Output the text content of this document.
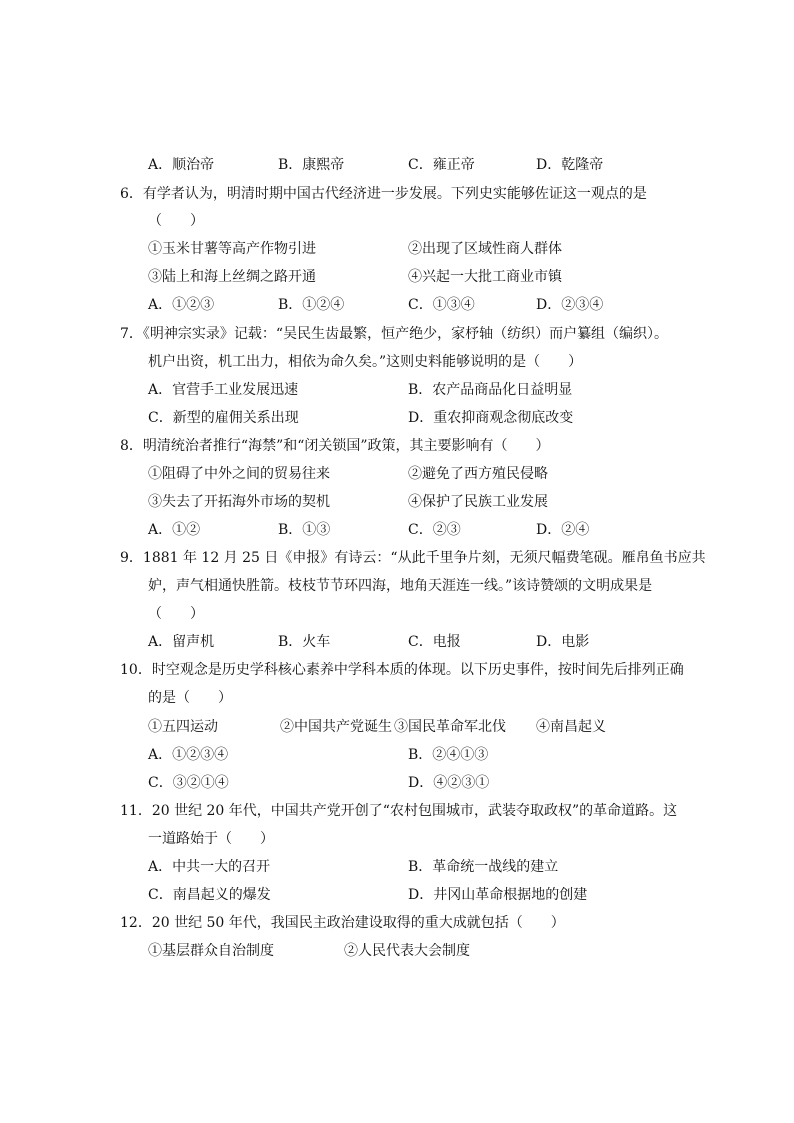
A．顺治帝	B．康熙帝	C．雍正帝	D．乾隆帝
6．有学者认为，明清时期中国古代经济进一步发展。下列史实能够佐证这一观点的是
（　　）
①玉米甘薯等高产作物引进	②出现了区域性商人群体
③陆上和海上丝绸之路开通	④兴起一大批工商业市镇
A．①②③	B．①②④	C．①③④	D．②③④
7．《明神宗实录》记载：“吴民生齿最繁，恒产绝少，家杼轴（纺织）而户纂组（编织）。
机户出资，机工出力，相依为命久矣。”这则史料能够说明的是（　　）
A．官营手工业发展迅速	B．农产品商品化日益明显
C．新型的雇佣关系出现	D．重农抑商观念彻底改变
8．明清统治者推行“海禁”和“闭关锁国”政策，其主要影响有（　　）
①阻碍了中外之间的贸易往来	②避免了西方殖民侵略
③失去了开拓海外市场的契机	④保护了民族工业发展
A．①②	B．①③	C．②③	D．②④
9．1881 年 12 月 25 日《申报》有诗云：“从此千里争片刻，无须尺幅费笔砚。雁帛鱼书应共
妒，声气相通快胜箭。枝枝节节环四海，地角天涯连一线。”该诗赞颂的文明成果是
（　　）
A．留声机	B．火车	C．电报	D．电影
10．时空观念是历史学科核心素养中学科本质的体现。以下历史事件，按时间先后排列正确
的是（　　）
①五四运动	②中国共产党诞生 ③国民革命军北伐 ④南昌起义
A．①②③④	B．②④①③
C．③②①④	D．④②③①
11．20 世纪 20 年代，中国共产党开创了“农村包围城市，武装夺取政权”的革命道路。这
一道路始于（　　）
A．中共一大的召开	B．革命统一战线的建立
C．南昌起义的爆发	D．井冈山革命根据地的创建
12．20 世纪 50 年代，我国民主政治建设取得的重大成就包括（　　）
①基层群众自治制度	②人民代表大会制度
